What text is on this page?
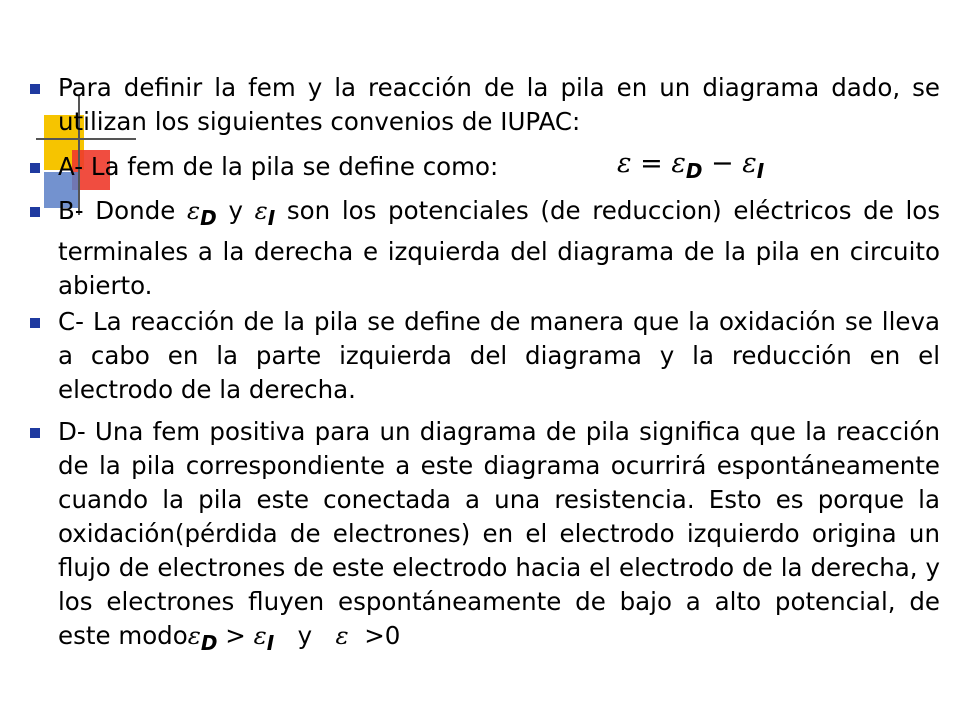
Para definir la fem y la reacción de la pila en un diagrama dado, se utilizan los siguientes convenios de IUPAC:
A- La fem de la pila se define como:	$\varepsilon = \varepsilon_D - \varepsilon_I$
B- Donde $\varepsilon_D$ y $\varepsilon_I$ son los potenciales (de reduccion) eléctricos de los terminales a la derecha e izquierda del diagrama de la pila en circuito abierto.
C- La reacción de la pila se define de manera que la oxidación se lleva a cabo en la parte izquierda del diagrama y la reducción en el electrodo de la derecha.
D- Una fem positiva para un diagrama de pila significa que la reacción de la pila correspondiente a este diagrama ocurrirá espontáneamente cuando la pila este conectada a una resistencia. Esto es porque la oxidación(pérdida de electrones) en el electrodo izquierdo origina un flujo de electrones de este electrodo hacia el electrodo de la derecha, y los electrones fluyen espontáneamente de bajo a alto potencial, de este modoε$_D$ > $\varepsilon_I$ y ε >0
